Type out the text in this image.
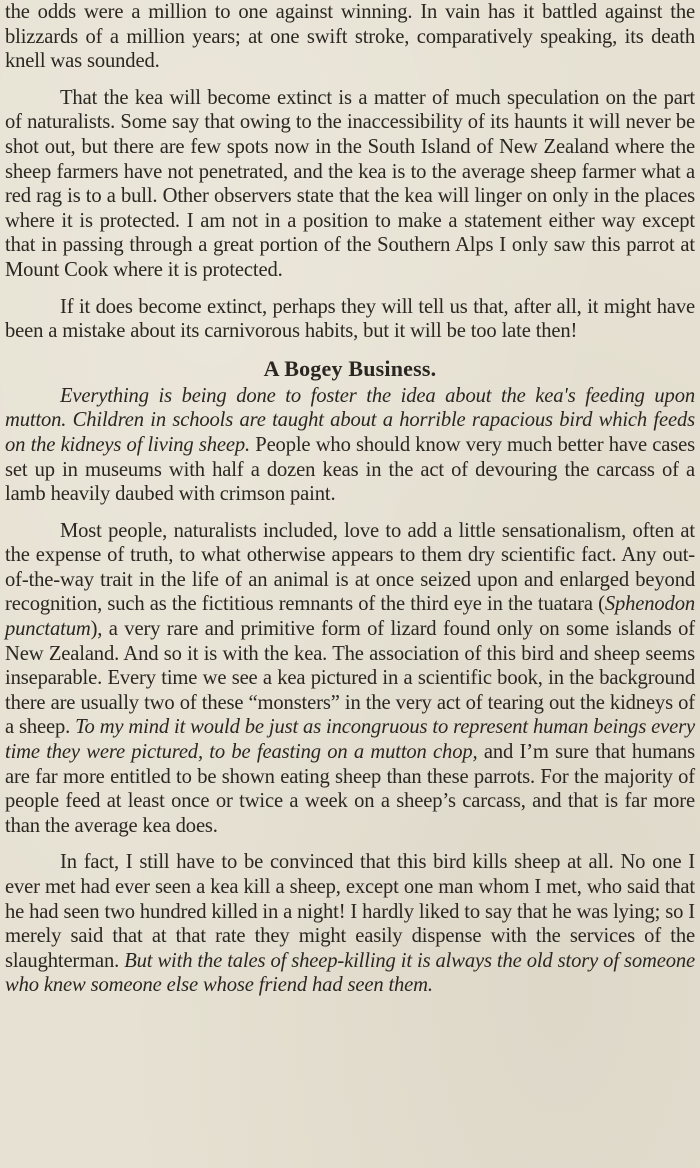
the odds were a million to one against winning. In vain has it battled against the blizzards of a million years; at one swift stroke, comparatively speaking, its death knell was sounded.

That the kea will become extinct is a matter of much speculation on the part of naturalists. Some say that owing to the inaccessibility of its haunts it will never be shot out, but there are few spots now in the South Island of New Zealand where the sheep farmers have not penetrated, and the kea is to the average sheep farmer what a red rag is to a bull. Other observers state that the kea will linger on only in the places where it is protected. I am not in a position to make a statement either way except that in passing through a great portion of the Southern Alps I only saw this parrot at Mount Cook where it is protected.

If it does become extinct, perhaps they will tell us that, after all, it might have been a mistake about its carnivorous habits, but it will be too late then!

A Bogey Business.

Everything is being done to foster the idea about the kea's feeding upon mutton. Children in schools are taught about a horrible rapacious bird which feeds on the kidneys of living sheep. People who should know very much better have cases set up in museums with half a dozen keas in the act of devouring the carcass of a lamb heavily daubed with crimson paint.

Most people, naturalists included, love to add a little sensationalism, often at the expense of truth, to what otherwise appears to them dry scientific fact. Any out-of-the-way trait in the life of an animal is at once seized upon and enlarged beyond recognition, such as the fictitious remnants of the third eye in the tuatara (Sphenodon punctatum), a very rare and primitive form of lizard found only on some islands of New Zealand. And so it is with the kea. The association of this bird and sheep seems inseparable. Every time we see a kea pictured in a scientific book, in the background there are usually two of these “monsters” in the very act of tearing out the kidneys of a sheep. To my mind it would be just as incongruous to represent human beings every time they were pictured, to be feasting on a mutton chop, and I’m sure that humans are far more entitled to be shown eating sheep than these parrots. For the majority of people feed at least once or twice a week on a sheep’s carcass, and that is far more than the average kea does.

In fact, I still have to be convinced that this bird kills sheep at all. No one I ever met had ever seen a kea kill a sheep, except one man whom I met, who said that he had seen two hundred killed in a night! I hardly liked to say that he was lying; so I merely said that at that rate they might easily dispense with the services of the slaughterman. But with the tales of sheep-killing it is always the old story of someone who knew someone else whose friend had seen them.
